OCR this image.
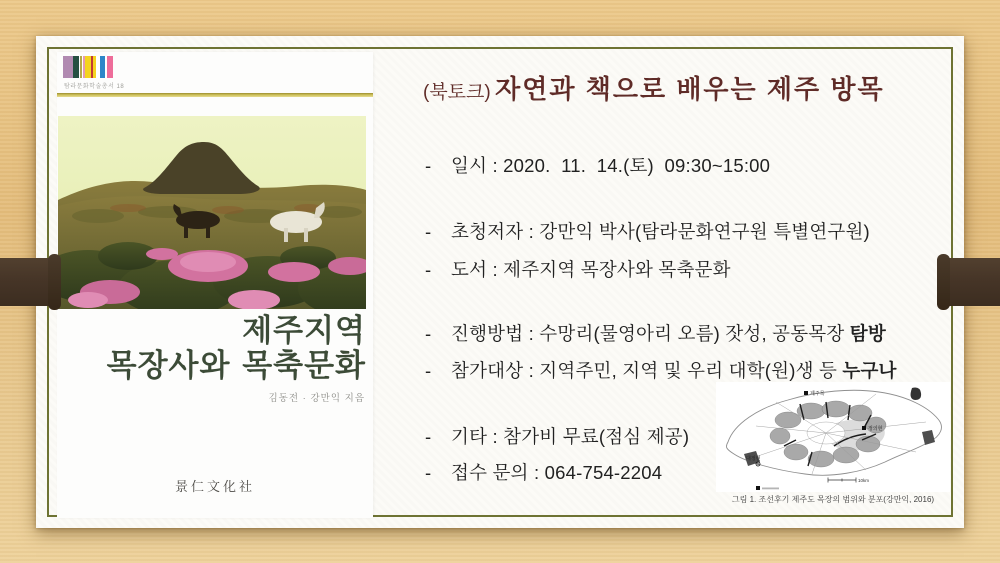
탐라문화학술총서 18
제주지역
목장사와 목축문화
김동전 · 강만익 지음
景仁文化社
(북토크) 자연과 책으로 배우는 제주 방목
- 일시 : 2020.  11.  14.(토)  09:30~15:00
- 초청저자 : 강만익 박사(탐라문화연구원 특별연구원)
- 도서 : 제주지역 목장사와 목축문화
- 진행방법 : 수망리(물영아리 오름) 잣성, 공동목장 탐방
- 참가대상 : 지역주민, 지역 및 우리 대학(원)생 등 누구나
- 기타 : 참가비 무료(점심 제공)
- 접수 문의 : 064-754-2204
제주목
정의현
대정현
10km
그림 1. 조선후기 제주도 목장의 범위와 분포(강만익, 2016)
